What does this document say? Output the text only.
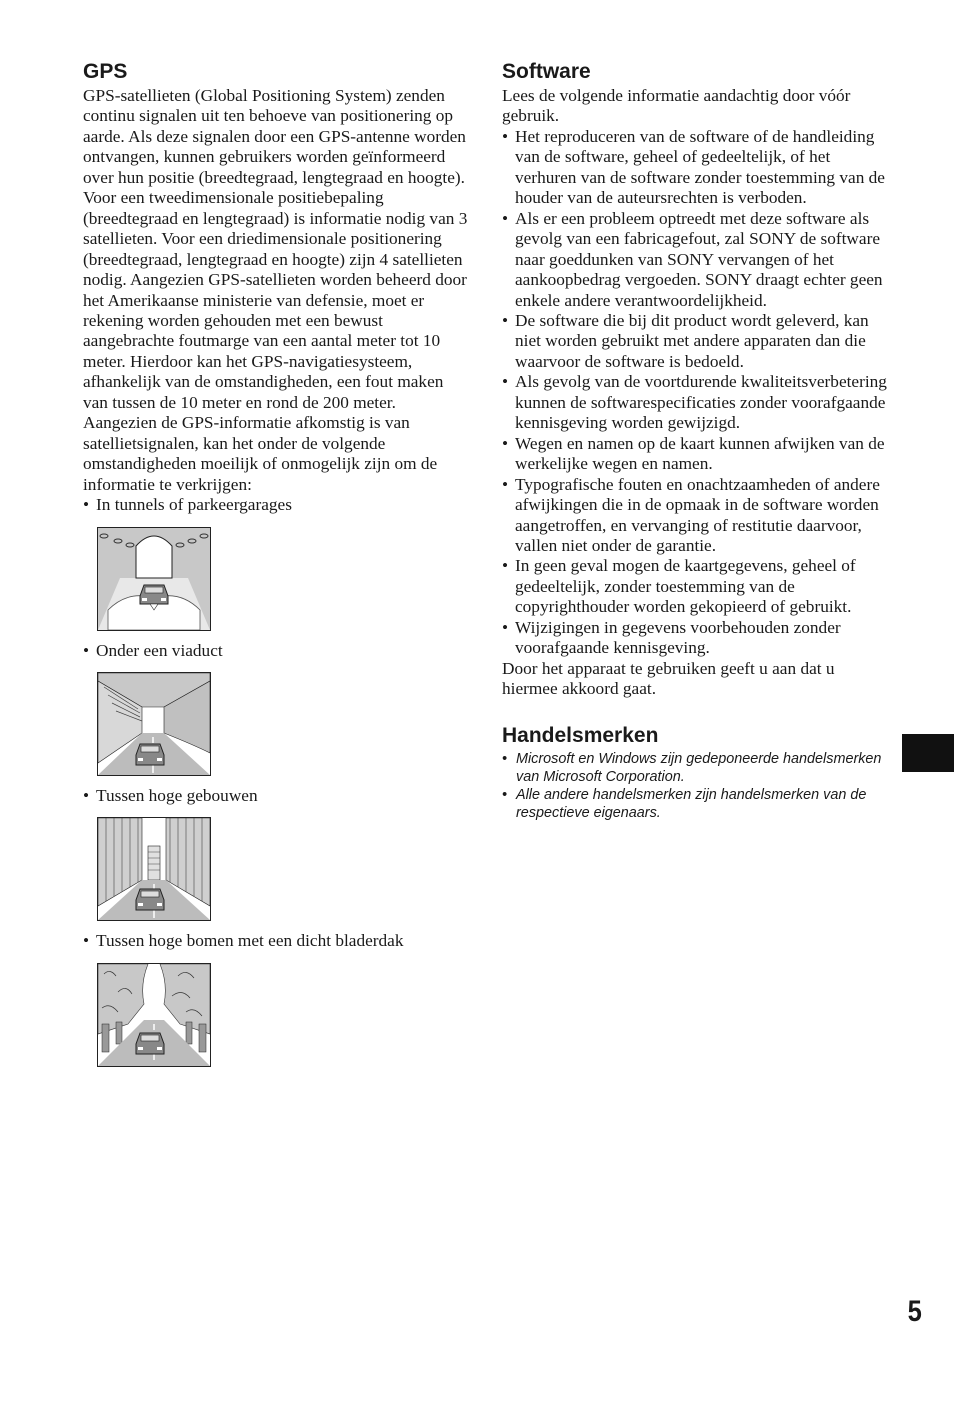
GPS

GPS-satellieten (Global Positioning System) zenden continu signalen uit ten behoeve van positionering op aarde. Als deze signalen door een GPS-antenne worden ontvangen, kunnen gebruikers worden geïnformeerd over hun positie (breedtegraad, lengtegraad en hoogte). Voor een tweedimensionale positiebepaling (breedtegraad en lengtegraad) is informatie nodig van 3 satellieten. Voor een driedimensionale positionering (breedtegraad, lengtegraad en hoogte) zijn 4 satellieten nodig. Aangezien GPS-satellieten worden beheerd door het Amerikaanse ministerie van defensie, moet er rekening worden gehouden met een bewust aangebrachte foutmarge van een aantal meter tot 10 meter. Hierdoor kan het GPS-navigatiesysteem, afhankelijk van de omstandigheden, een fout maken van tussen de 10 meter en rond de 200 meter.

Aangezien de GPS-informatie afkomstig is van satellietsignalen, kan het onder de volgende omstandigheden moeilijk of onmogelijk zijn om de informatie te verkrijgen:

• In tunnels of parkeergarages
• Onder een viaduct
• Tussen hoge gebouwen
• Tussen hoge bomen met een dicht bladerdak
Software

Lees de volgende informatie aandachtig door vóór gebruik.

• Het reproduceren van de software of de handleiding van de software, geheel of gedeeltelijk, of het verhuren van de software zonder toestemming van de houder van de auteursrechten is verboden.
• Als er een probleem optreedt met deze software als gevolg van een fabricagefout, zal SONY de software naar goeddunken van SONY vervangen of het aankoopbedrag vergoeden. SONY draagt echter geen enkele andere verantwoordelijkheid.
• De software die bij dit product wordt geleverd, kan niet worden gebruikt met andere apparaten dan die waarvoor de software is bedoeld.
• Als gevolg van de voortdurende kwaliteitsverbetering kunnen de softwarespecificaties zonder voorafgaande kennisgeving worden gewijzigd.
• Wegen en namen op de kaart kunnen afwijken van de werkelijke wegen en namen.
• Typografische fouten en onachtzaamheden of andere afwijkingen die in de opmaak in de software worden aangetroffen, en vervanging of restitutie daarvoor, vallen niet onder de garantie.
• In geen geval mogen de kaartgegevens, geheel of gedeeltelijk, zonder toestemming van de copyrighthouder worden gekopieerd of gebruikt.
• Wijzigingen in gegevens voorbehouden zonder voorafgaande kennisgeving.

Door het apparaat te gebruiken geeft u aan dat u hiermee akkoord gaat.

Handelsmerken
• Microsoft en Windows zijn gedeponeerde handelsmerken van Microsoft Corporation.
• Alle andere handelsmerken zijn handelsmerken van de respectieve eigenaars.
5
